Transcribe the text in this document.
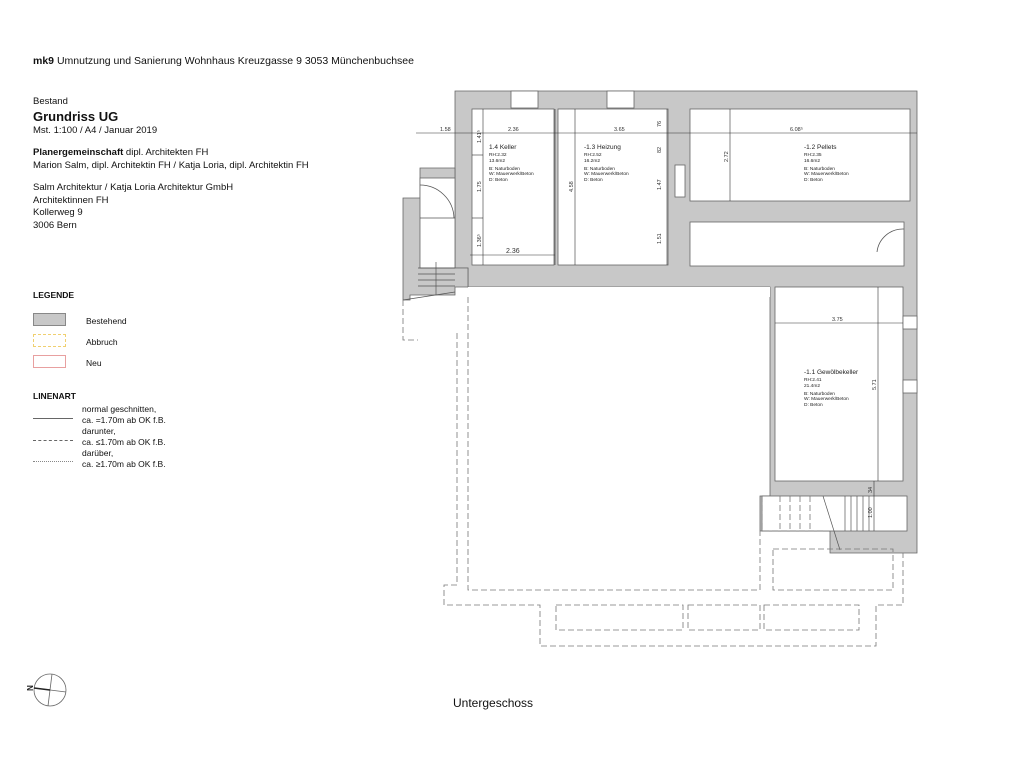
mk9 Umnutzung und Sanierung Wohnhaus Kreuzgasse 9 3053 Münchenbuchsee
Bestand
Grundriss UG
Mst. 1:100 / A4 / Januar 2019
Planergemeinschaft dipl. Architekten FH
Marion Salm, dipl. Architektin FH / Katja Loria, dipl. Architektin FH
Salm Architektur / Katja Loria Architektur GmbH
Architektinnen FH
Kollerweg 9
3006 Bern
LEGENDE
Bestehend
Abbruch
Neu
LINENART
normal geschnitten,
ca. =1.70m ab OK f.B.
darunter,
ca. ≤1.70m ab OK f.B.
darüber,
ca. ≥1.70m ab OK f.B.
1.58	2.36	3.65	6.08⁵
2.36
3.75
1.41⁵
1.75
1.36⁵
4.58
76
82
1.47
1.51
2.72
5.71
34
1.00
1.4 Keller
RH:2.32
13.6m2
B: Naturboden
W: Mauerwerk/Beton
D: Beton
-1.3 Heizung
RH:2.52
16.2m2
B: Naturboden
W: Mauerwerk/Beton
D: Beton
-1.2 Pellets
RH:2.35
16.6m2
B: Naturboden
W: Mauerwerk/Beton
D: Beton
-1.1 Gewölbekeller
RH:2.41
21.4m2
B: Naturboden
W: Mauerwerk/Beton
D: Beton
N
Untergeschoss
